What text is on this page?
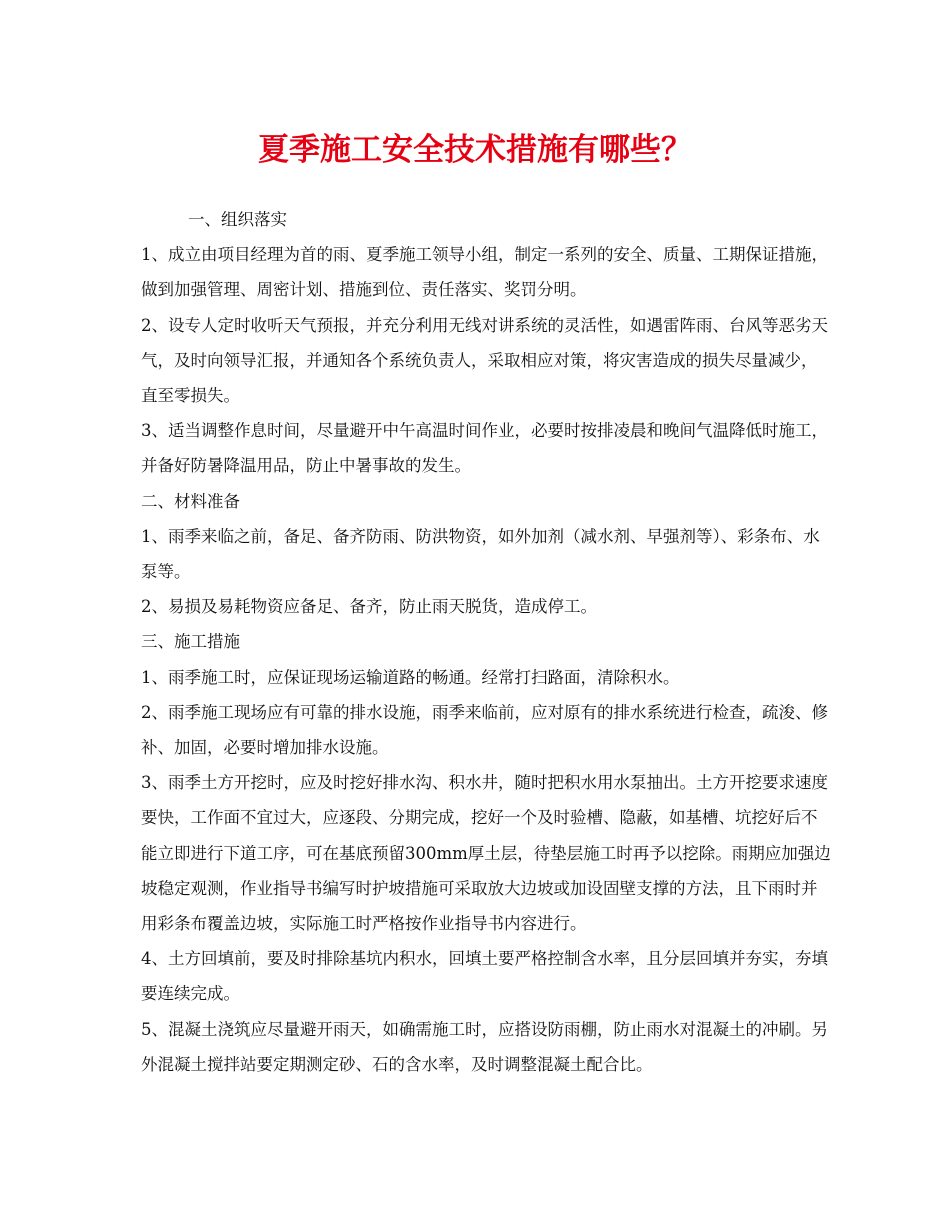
夏季施工安全技术措施有哪些？

一、组织落实

1、成立由项目经理为首的雨、夏季施工领导小组，制定一系列的安全、质量、工期保证措施，做到加强管理、周密计划、措施到位、责任落实、奖罚分明。

2、设专人定时收听天气预报，并充分利用无线对讲系统的灵活性，如遇雷阵雨、台风等恶劣天气，及时向领导汇报，并通知各个系统负责人，采取相应对策，将灾害造成的损失尽量减少，直至零损失。

3、适当调整作息时间，尽量避开中午高温时间作业，必要时按排凌晨和晚间气温降低时施工，并备好防暑降温用品，防止中暑事故的发生。

二、材料准备

1、雨季来临之前，备足、备齐防雨、防洪物资，如外加剂（减水剂、早强剂等）、彩条布、水泵等。

2、易损及易耗物资应备足、备齐，防止雨天脱货，造成停工。

三、施工措施

1、雨季施工时，应保证现场运输道路的畅通。经常打扫路面，清除积水。

2、雨季施工现场应有可靠的排水设施，雨季来临前，应对原有的排水系统进行检查，疏浚、修补、加固，必要时增加排水设施。

3、雨季土方开挖时，应及时挖好排水沟、积水井，随时把积水用水泵抽出。土方开挖要求速度要快，工作面不宜过大，应逐段、分期完成，挖好一个及时验槽、隐蔽，如基槽、坑挖好后不能立即进行下道工序，可在基底预留300mm厚土层，待垫层施工时再予以挖除。雨期应加强边坡稳定观测，作业指导书编写时护坡措施可采取放大边坡或加设固壁支撑的方法，且下雨时并用彩条布覆盖边坡，实际施工时严格按作业指导书内容进行。

4、土方回填前，要及时排除基坑内积水，回填土要严格控制含水率，且分层回填并夯实，夯填要连续完成。

5、混凝土浇筑应尽量避开雨天，如确需施工时，应搭设防雨棚，防止雨水对混凝土的冲刷。另外混凝土搅拌站要定期测定砂、石的含水率，及时调整混凝土配合比。
